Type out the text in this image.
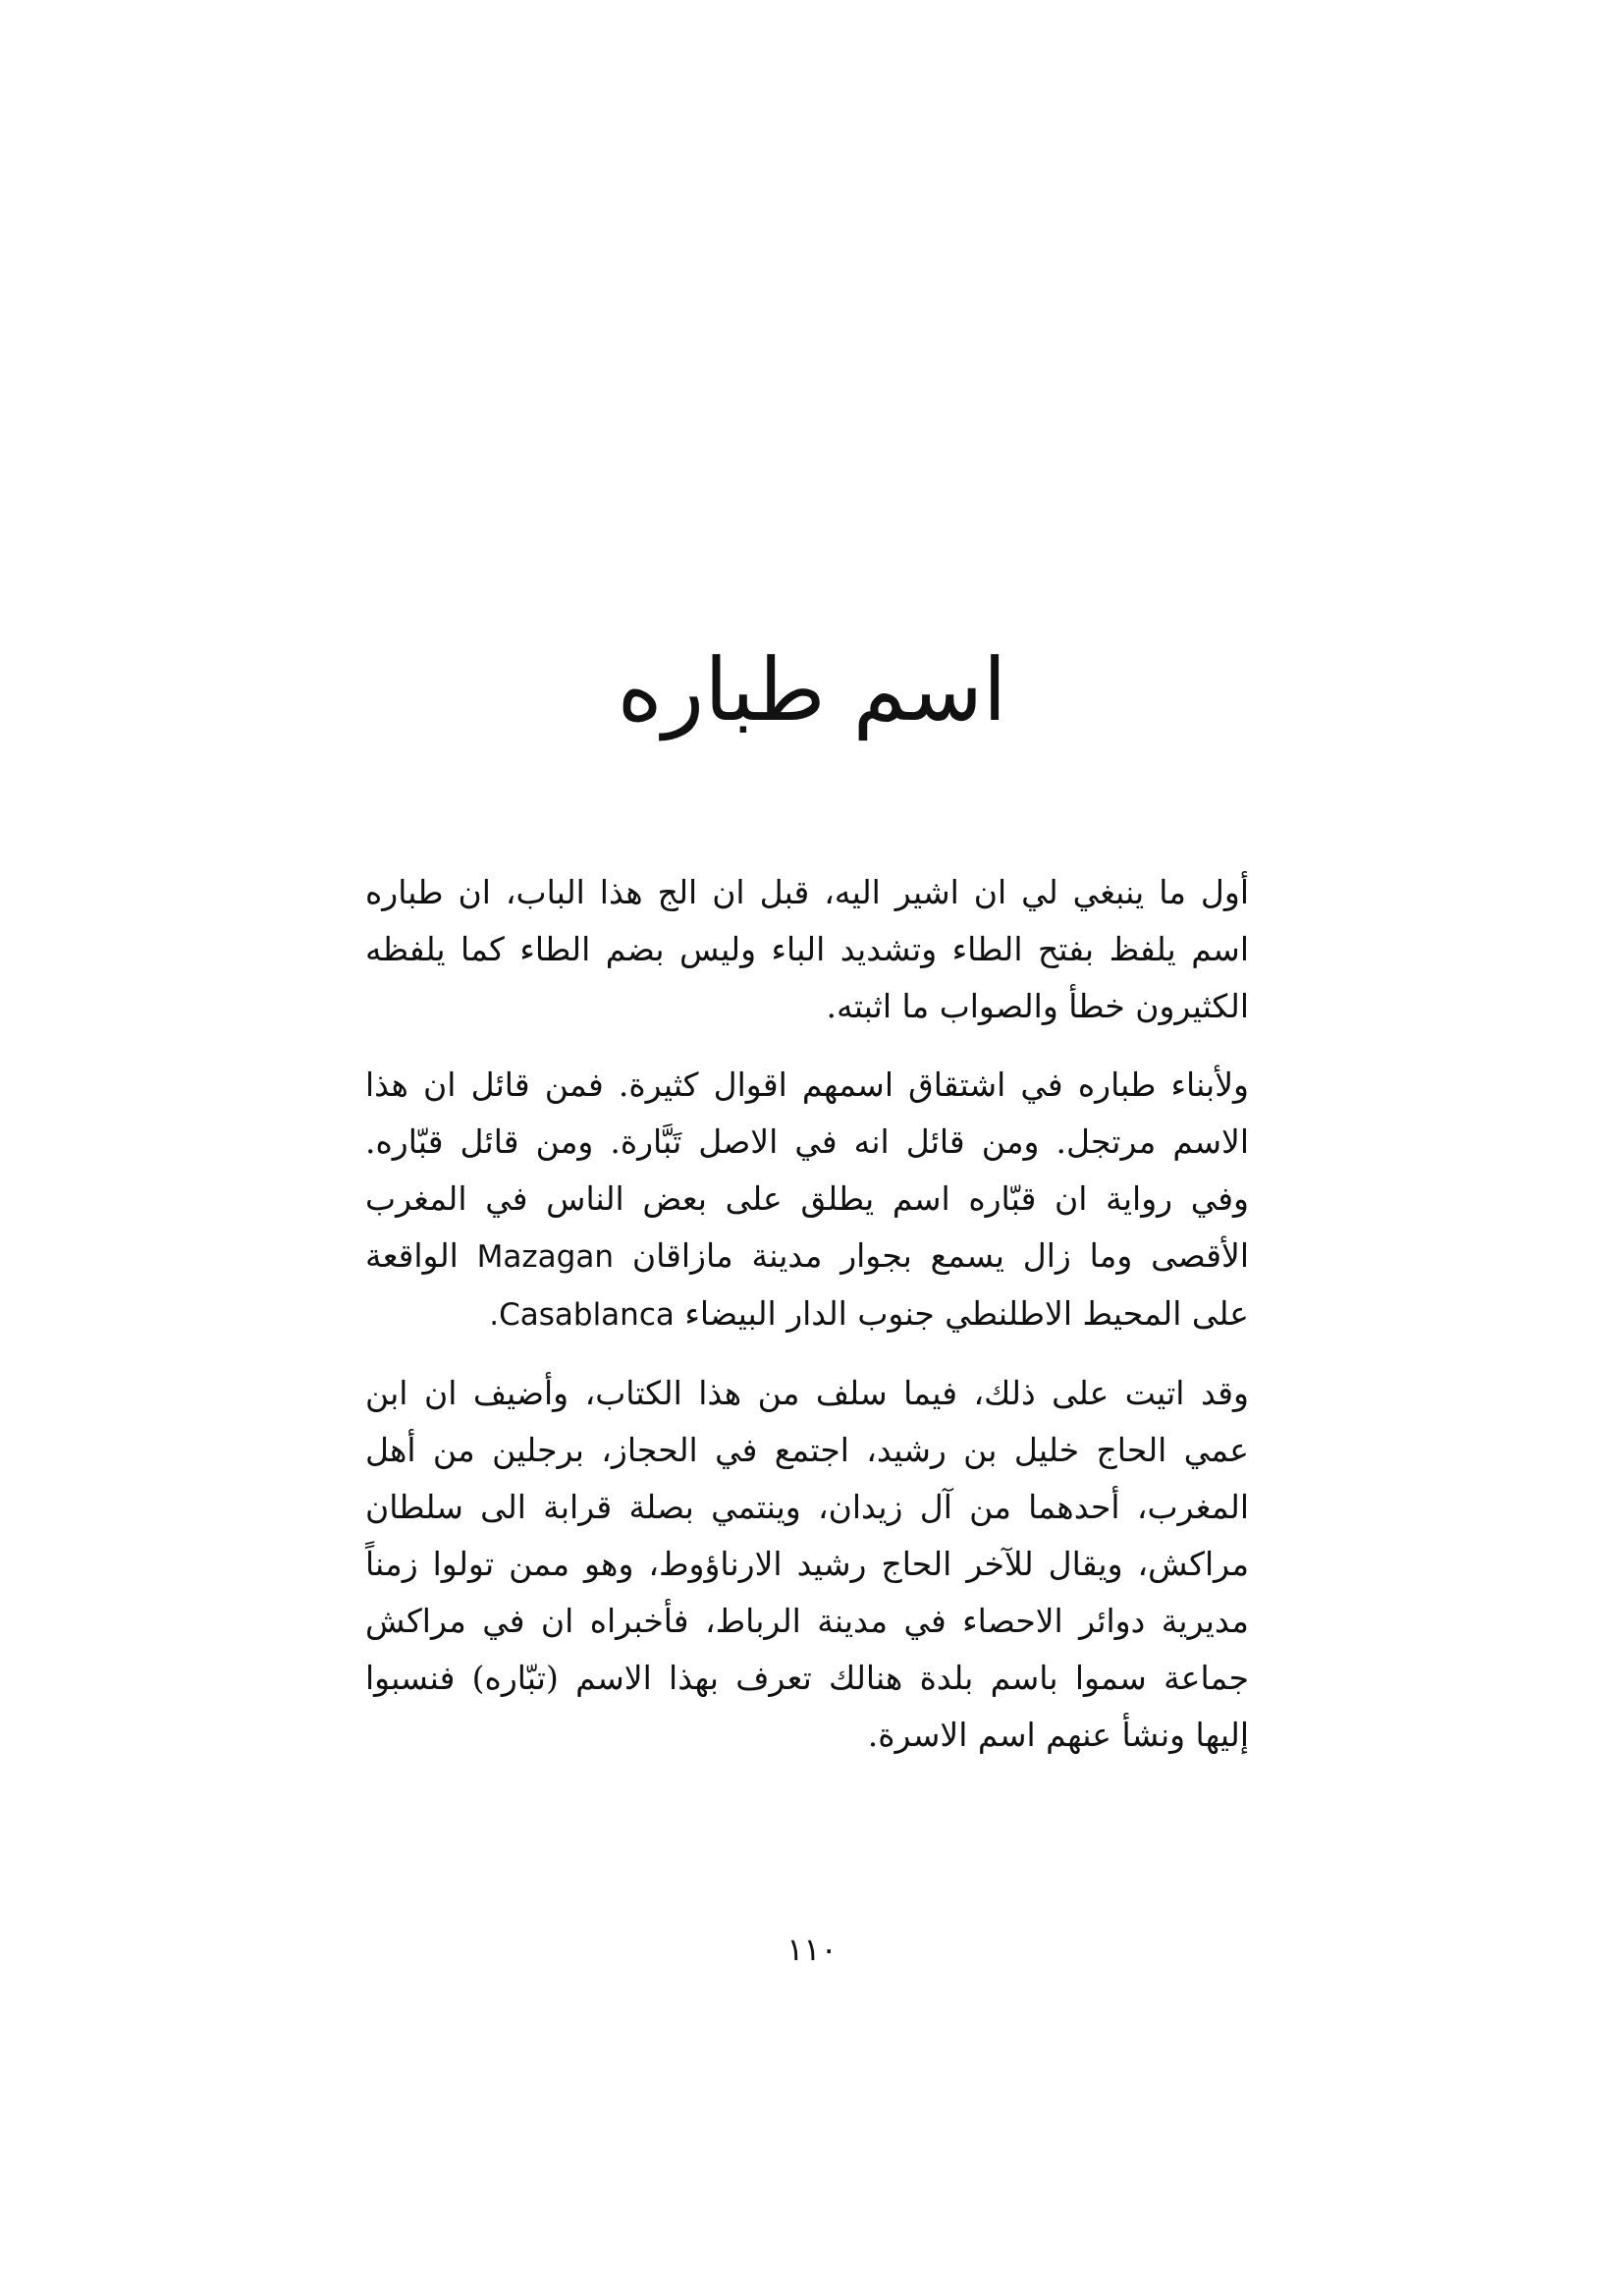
اسم طباره

أول ما ينبغي لي ان اشير اليه، قبل ان الج هذا الباب، ان طباره اسم يلفظ بفتح الطاء وتشديد الباء وليس بضم الطاء كما يلفظه الكثيرون خطأ والصواب ما اثبته.

ولأبناء طباره في اشتقاق اسمهم اقوال كثيرة. فمن قائل ان هذا الاسم مرتجل. ومن قائل انه في الاصل تَبَّارة. ومن قائل قبّاره. وفي رواية ان قبّاره اسم يطلق على بعض الناس في المغرب الأقصى وما زال يسمع بجوار مدينة مازاقان Mazagan الواقعة على المحيط الاطلنطي جنوب الدار البيضاء .Casablanca

وقد اتيت على ذلك، فيما سلف من هذا الكتاب، وأضيف ان ابن عمي الحاج خليل بن رشيد، اجتمع في الحجاز، برجلين من أهل المغرب، أحدهما من آل زيدان، وينتمي بصلة قرابة الى سلطان مراكش، ويقال للآخر الحاج رشيد الارناؤوط، وهو ممن تولوا زمناً مديرية دوائر الاحصاء في مدينة الرباط، فأخبراه ان في مراكش جماعة سموا باسم بلدة هنالك تعرف بهذا الاسم (تبّاره) فنسبوا إليها ونشأ عنهم اسم الاسرة.

١١٠
